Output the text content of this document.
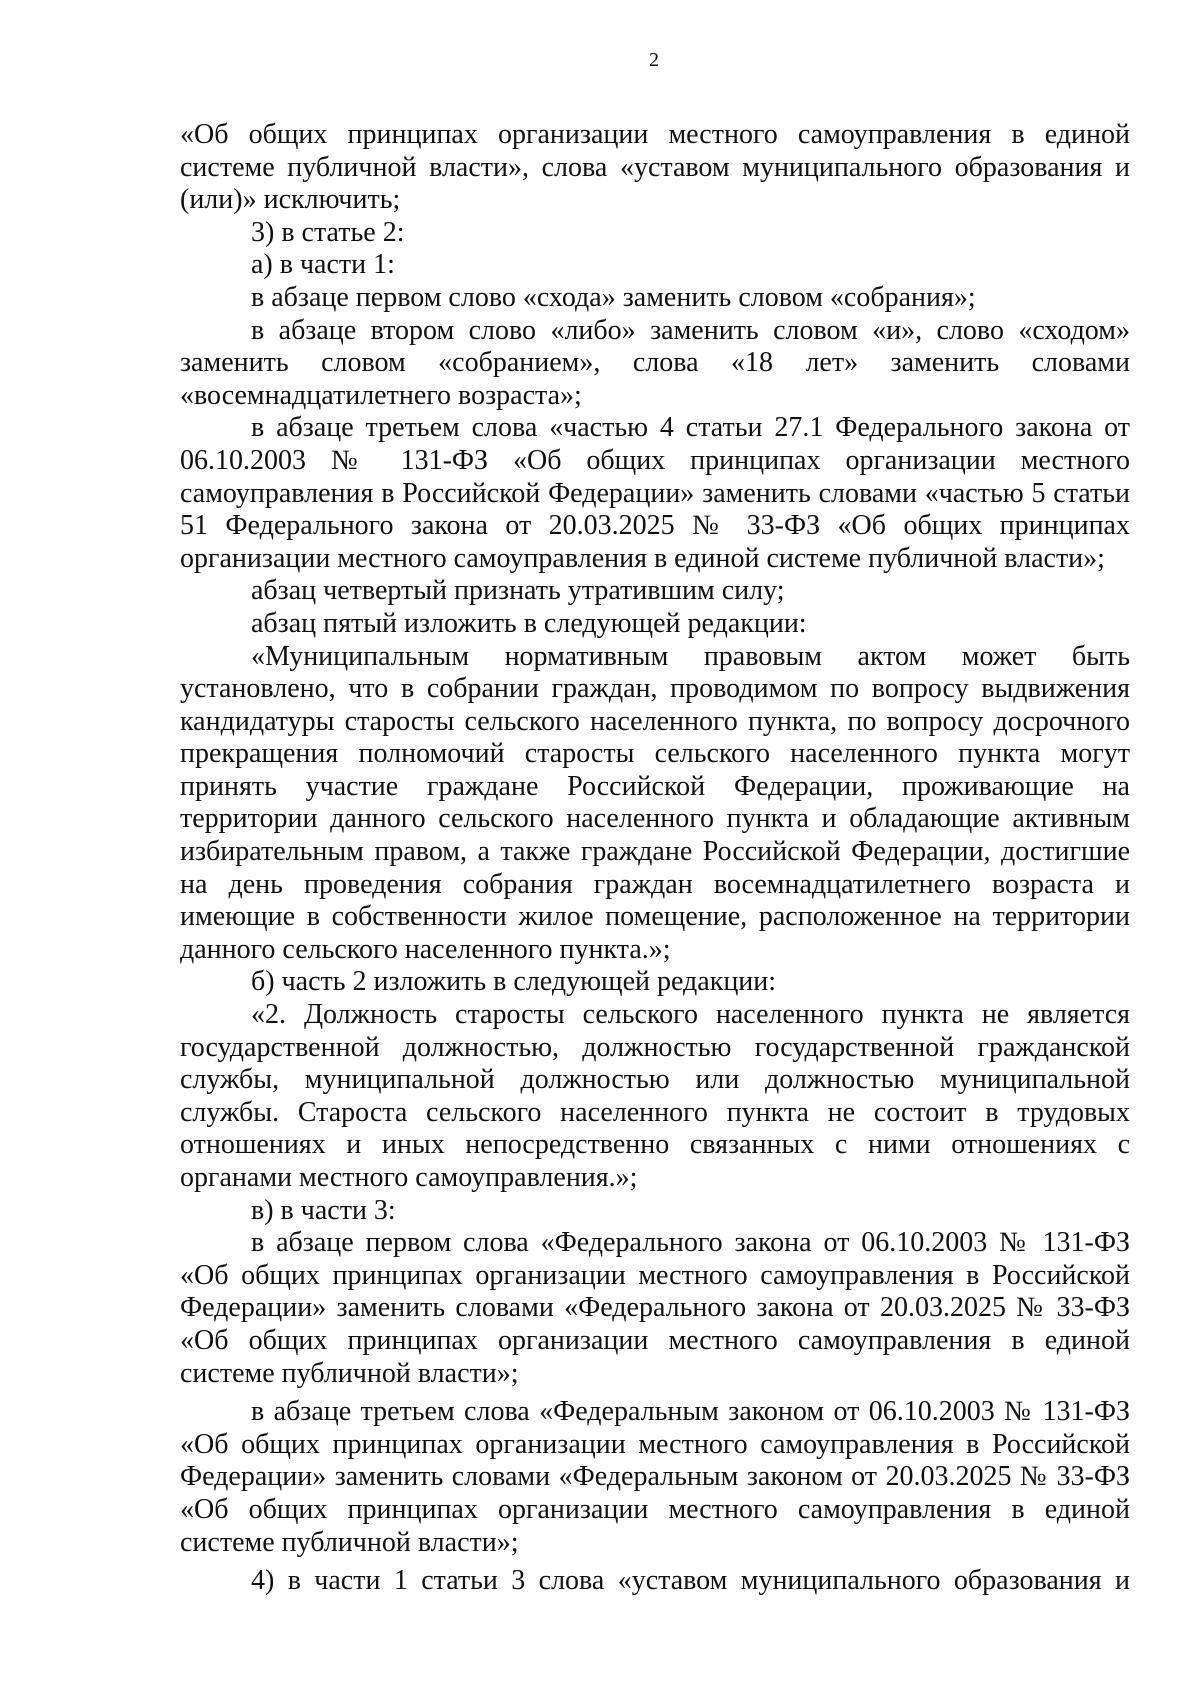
2

«Об общих принципах организации местного самоуправления в единой системе публичной власти», слова «уставом муниципального образования и (или)» исключить;

3) в статье 2:

а) в части 1:

в абзаце первом слово «схода» заменить словом «собрания»;

в абзаце втором слово «либо» заменить словом «и», слово «сходом» заменить словом «собранием», слова «18 лет» заменить словами «восемнадцатилетнего возраста»;

в абзаце третьем слова «частью 4 статьи 27.1 Федерального закона от 06.10.2003 № 131-ФЗ «Об общих принципах организации местного самоуправления в Российской Федерации» заменить словами «частью 5 статьи 51 Федерального закона от 20.03.2025 № 33-ФЗ «Об общих принципах организации местного самоуправления в единой системе публичной власти»;

абзац четвертый признать утратившим силу;

абзац пятый изложить в следующей редакции:

«Муниципальным нормативным правовым актом может быть установлено, что в собрании граждан, проводимом по вопросу выдвижения кандидатуры старосты сельского населенного пункта, по вопросу досрочного прекращения полномочий старосты сельского населенного пункта могут принять участие граждане Российской Федерации, проживающие на территории данного сельского населенного пункта и обладающие активным избирательным правом, а также граждане Российской Федерации, достигшие на день проведения собрания граждан восемнадцатилетнего возраста и имеющие в собственности жилое помещение, расположенное на территории данного сельского населенного пункта.»;

б) часть 2 изложить в следующей редакции:

«2. Должность старосты сельского населенного пункта не является государственной должностью, должностью государственной гражданской службы, муниципальной должностью или должностью муниципальной службы. Староста сельского населенного пункта не состоит в трудовых отношениях и иных непосредственно связанных с ними отношениях с органами местного самоуправления.»;

в) в части 3:

в абзаце первом слова «Федерального закона от 06.10.2003 № 131-ФЗ «Об общих принципах организации местного самоуправления в Российской Федерации» заменить словами «Федерального закона от 20.03.2025 № 33-ФЗ «Об общих принципах организации местного самоуправления в единой системе публичной власти»;

в абзаце третьем слова «Федеральным законом от 06.10.2003 № 131-ФЗ «Об общих принципах организации местного самоуправления в Российской Федерации» заменить словами «Федеральным законом от 20.03.2025 № 33-ФЗ «Об общих принципах организации местного самоуправления в единой системе публичной власти»;

4) в части 1 статьи 3 слова «уставом муниципального образования и
